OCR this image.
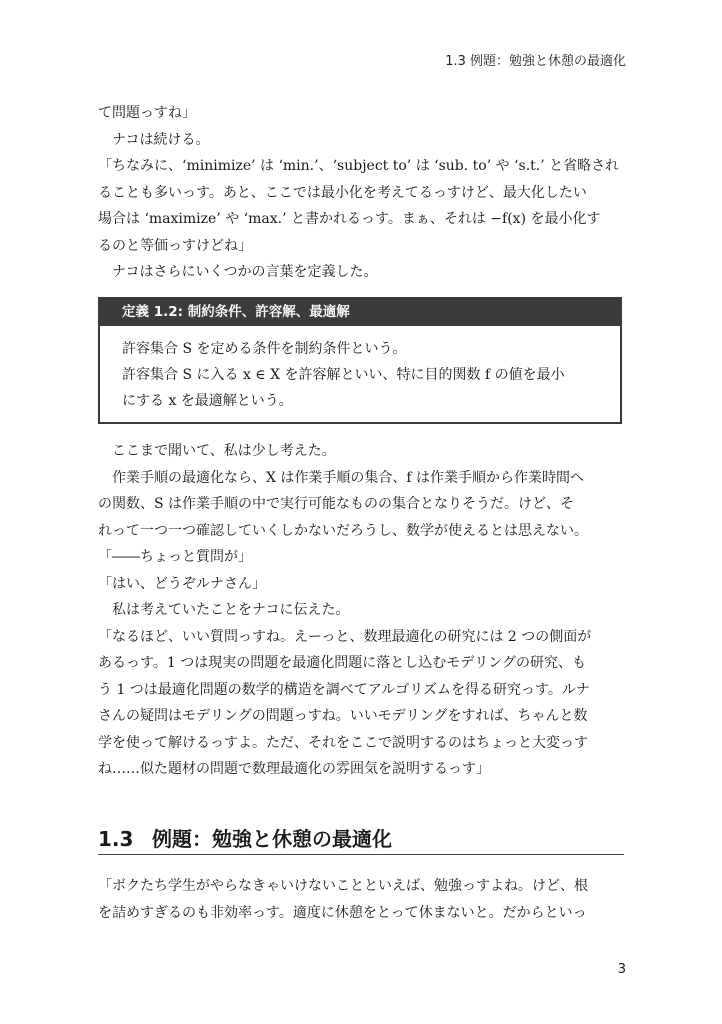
1.3 例題：勉強と休憩の最適化
て問題っすね」
　ナコは続ける。
「ちなみに、‘minimize’ は ‘min.’、‘subject to’ は ‘sub. to’ や ‘s.t.’ と省略され
ることも多いっす。あと、ここでは最小化を考えてるっすけど、最大化したい
場合は ‘maximize’ や ‘max.’ と書かれるっす。まぁ、それは −f(x) を最小化す
るのと等価っすけどね」
　ナコはさらにいくつかの言葉を定義した。
定義 1.2: 制約条件、許容解、最適解
許容集合 S を定める条件を制約条件という。
許容集合 S に入る x ∈ X を許容解といい、特に目的関数 f の値を最小
にする x を最適解という。
　ここまで聞いて、私は少し考えた。
　作業手順の最適化なら、X は作業手順の集合、f は作業手順から作業時間へ
の関数、S は作業手順の中で実行可能なものの集合となりそうだ。けど、そ
れって一つ一つ確認していくしかないだろうし、数学が使えるとは思えない。
「――ちょっと質問が」
「はい、どうぞルナさん」
　私は考えていたことをナコに伝えた。
「なるほど、いい質問っすね。えーっと、数理最適化の研究には 2 つの側面が
あるっす。1 つは現実の問題を最適化問題に落とし込むモデリングの研究、も
う 1 つは最適化問題の数学的構造を調べてアルゴリズムを得る研究っす。ルナ
さんの疑問はモデリングの問題っすね。いいモデリングをすれば、ちゃんと数
学を使って解けるっすよ。ただ、それをここで説明するのはちょっと大変っす
ね……似た題材の問題で数理最適化の雰囲気を説明するっす」
1.3 例題：勉強と休憩の最適化
「ボクたち学生がやらなきゃいけないことといえば、勉強っすよね。けど、根
を詰めすぎるのも非効率っす。適度に休憩をとって休まないと。だからといっ
3
